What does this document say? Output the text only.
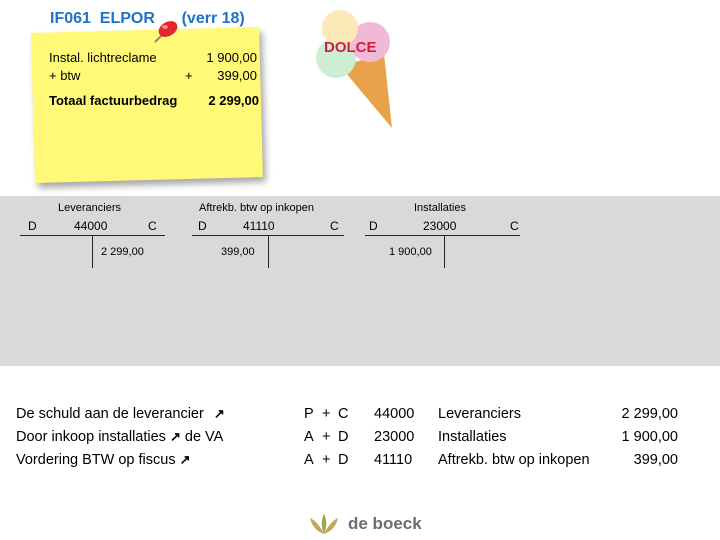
IF061  ELPOR (verr 18)
Instal. lichtreclame	1 900,00
+ btw	+ 399,00
Totaal factuurbedrag 2 299,00
DOLCE
Leveranciers
D	44000	C
2 299,00
Aftrekb. btw op inkopen
D	41110	C
399,00
Installaties
D	23000	C
1 900,00
De schuld aan de leverancier ↗	P + C 44000 Leveranciers	2 299,00
Door inkoop installaties ↗ de VA	A + D 23000 Installaties	1 900,00
Vordering BTW op fiscus ↗	A + D 41110 Aftrekb. btw op inkopen	399,00
de boeck
